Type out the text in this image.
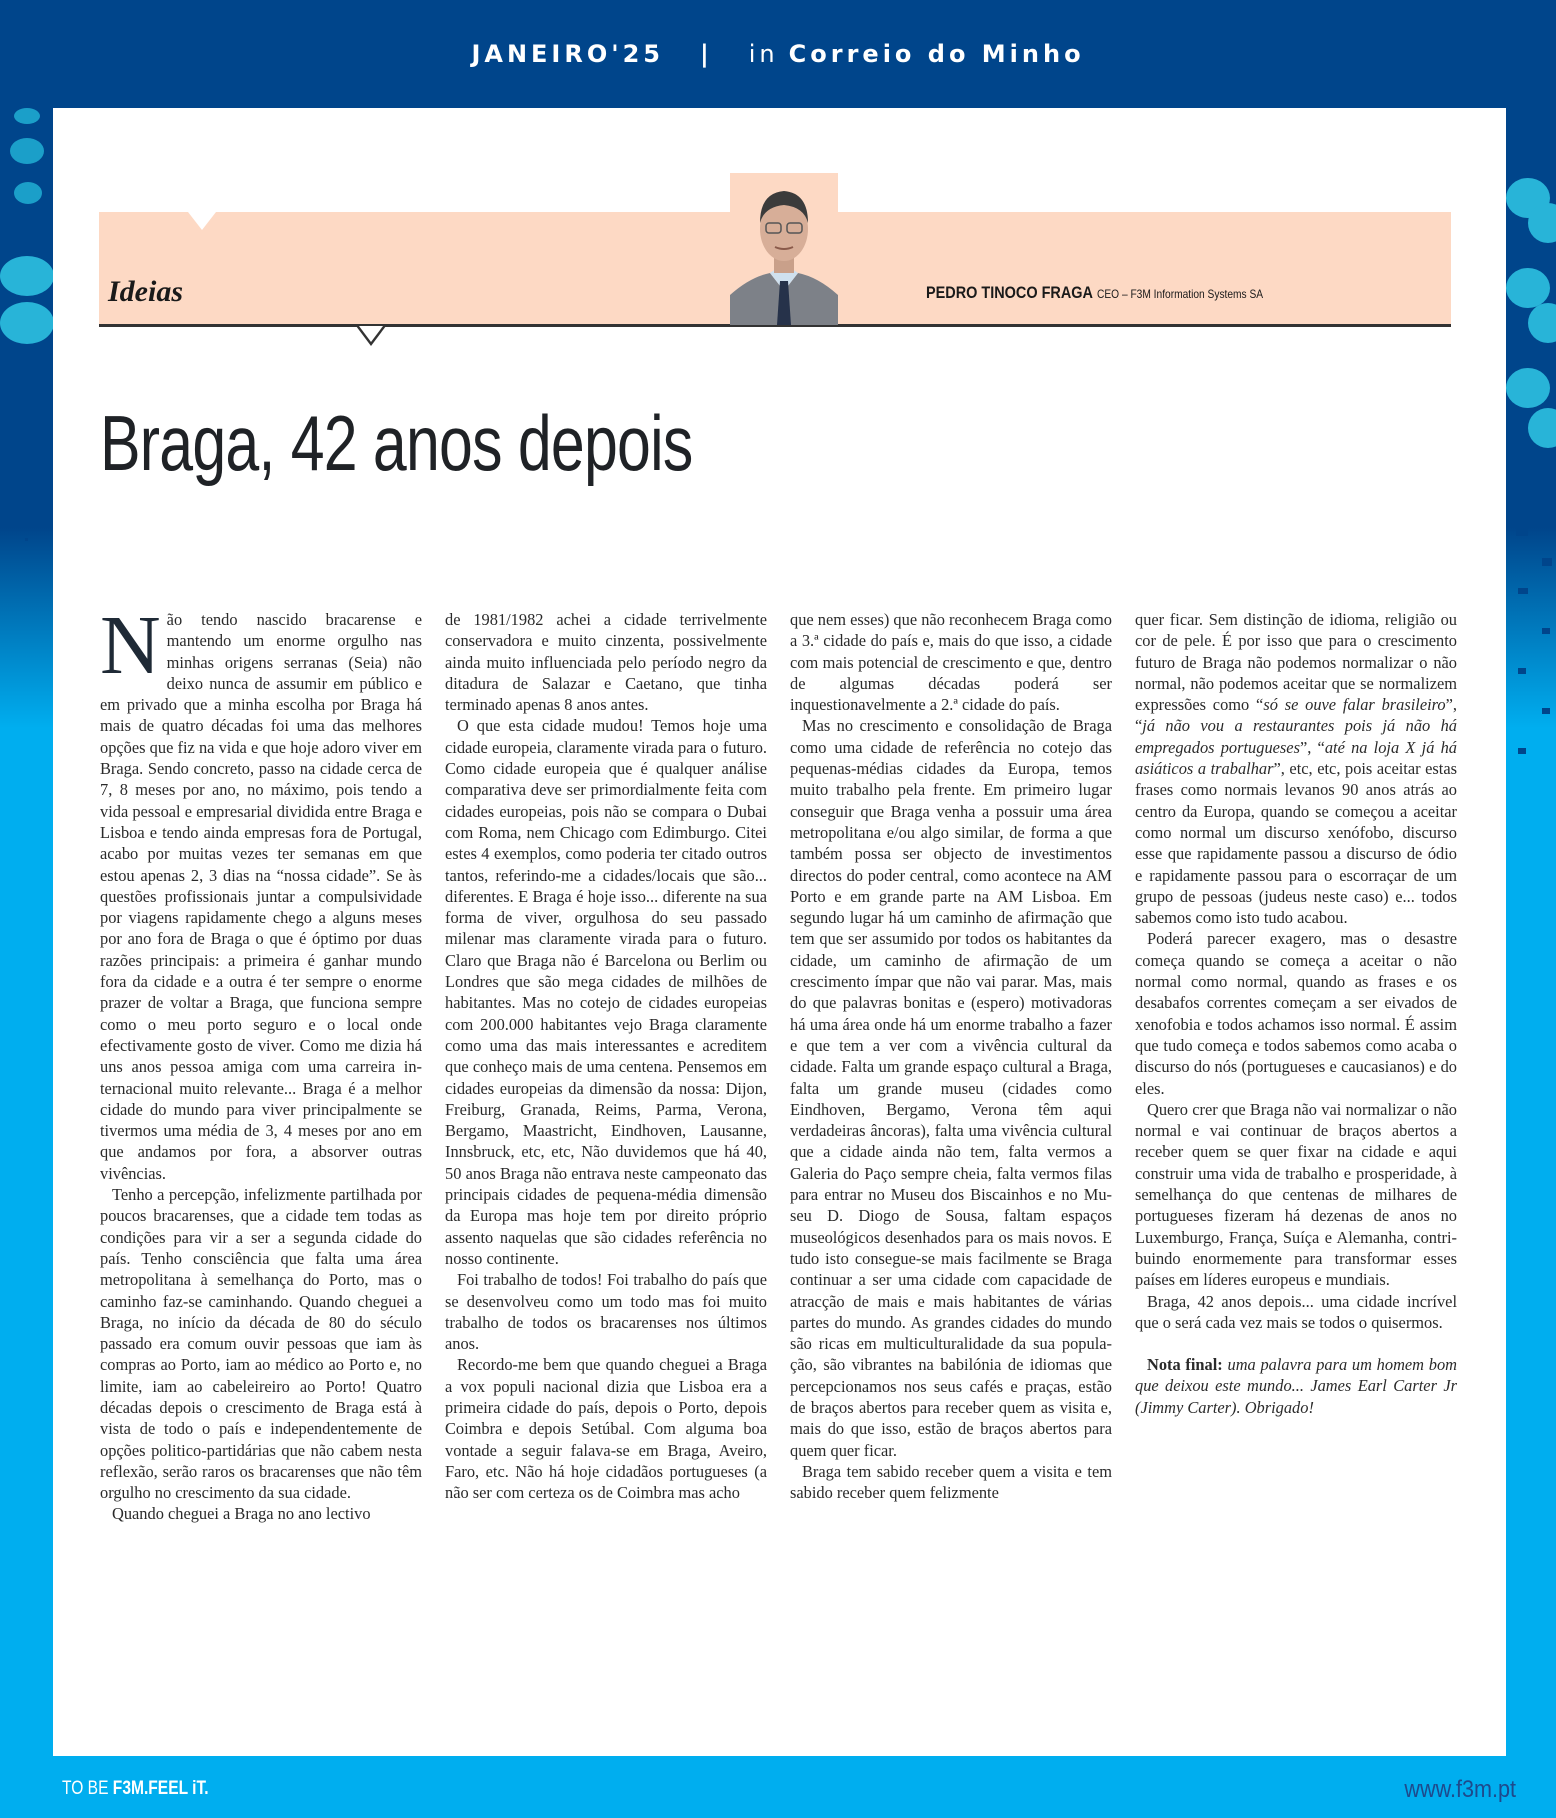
JANEIRO'25 | in Correio do Minho
Ideias	PEDRO TINOCO FRAGA CEO – F3M Information Systems SA
Braga, 42 anos depois

Não tendo nascido bracarense e mantendo um enorme orgulho nas minhas origens serranas (Seia) não deixo nunca de assumir em público e em privado que a minha escolha por Braga há mais de quatro décadas foi uma das melhores opções que fiz na vida e que hoje adoro viver em Braga. Sendo concreto, passo na cidade cerca de 7, 8 meses por ano, no máximo, pois tendo a vida pessoal e empresarial dividida entre Braga e Lisboa e tendo ainda empresas fora de Portugal, acabo por muitas vezes ter semanas em que estou apenas 2, 3 dias na “nossa cidade”. Se às questões profissionais juntar a compulsividade por viagens rapidamente chego a alguns meses por ano fora de Braga o que é óptimo por duas razões principais: a primeira é ganhar mundo fora da cidade e a outra é ter sempre o enorme prazer de voltar a Braga, que funciona sempre como o meu porto seguro e o local onde efectivamente gosto de viver. Como me dizia há uns anos pessoa amiga com uma carreira internacional muito relevante... Braga é a melhor cidade do mundo para viver principalmente se tivermos uma média de 3, 4 meses por ano em que andamos por fora, a absorver outras vivências.

Tenho a percepção, infelizmente partilhada por poucos bracarenses, que a cidade tem todas as condições para vir a ser a segunda cidade do país. Tenho consciência que falta uma área metropolitana à semelhança do Porto, mas o caminho faz-se caminhando. Quando cheguei a Braga, no início da década de 80 do século passado era comum ouvir pessoas que iam às compras ao Porto, iam ao médico ao Porto e, no limite, iam ao cabeleireiro ao Porto! Quatro décadas depois o crescimento de Braga está à vista de todo o país e independentemente de opções politico-partidárias que não cabem nesta reflexão, serão raros os bracarenses que não têm orgulho no crescimento da sua cidade.

Quando cheguei a Braga no ano lectivo

de 1981/1982 achei a cidade terrivelmente conservadora e muito cinzenta, possivelmente ainda muito influenciada pelo período negro da ditadura de Salazar e Caetano, que tinha terminado apenas 8 anos antes.

O que esta cidade mudou! Temos hoje uma cidade europeia, claramente virada para o futuro. Como cidade europeia que é qualquer análise comparativa deve ser primordialmente feita com cidades europeias, pois não se compara o Dubai com Roma, nem Chicago com Edimburgo. Citei estes 4 exemplos, como poderia ter citado outros tantos, referindo-me a cidades/locais que são... diferentes. E Braga é hoje isso... diferente na sua forma de viver, orgulhosa do seu passado milenar mas claramente virada para o futuro. Claro que Braga não é Barcelona ou Berlim ou Londres que são mega cidades de milhões de habitantes. Mas no cotejo de cidades europeias com 200.000 habitantes vejo Braga claramente como uma das mais interessantes e acreditem que conheço mais de uma centena. Pensemos em cidades europeias da dimensão da nossa: Dijon, Freiburg, Granada, Reims, Parma, Verona, Bergamo, Maastricht, Eindhoven, Lausanne, Innsbruck, etc, etc, Não duvidemos que há 40, 50 anos Braga não entrava neste campeonato das principais cidades de pequena-média dimensão da Europa mas hoje tem por direito próprio assento naquelas que são cidades referência no nosso continente.

Foi trabalho de todos! Foi trabalho do país que se desenvolveu como um todo mas foi muito trabalho de todos os bracarenses nos últimos anos.

Recordo-me bem que quando cheguei a Braga a vox populi nacional dizia que Lisboa era a primeira cidade do país, depois o Porto, depois Coimbra e depois Setúbal. Com alguma boa vontade a seguir falava-se em Braga, Aveiro, Faro, etc. Não há hoje cidadãos portugueses (a não ser com certeza os de Coimbra mas acho

que nem esses) que não reconhecem Braga como a 3.ª cidade do país e, mais do que isso, a cidade com mais potencial de crescimento e que, dentro de algumas décadas poderá ser inquestionavelmente a 2.ª cidade do país.

Mas no crescimento e consolidação de Braga como uma cidade de referência no cotejo das pequenas-médias cidades da Europa, temos muito trabalho pela frente. Em primeiro lugar conseguir que Braga venha a possuir uma área metropolitana e/ou algo similar, de forma a que também possa ser objecto de investimentos directos do poder central, como acontece na AM Porto e em grande parte na AM Lisboa. Em segundo lugar há um caminho de afirmação que tem que ser assumido por todos os habitantes da cidade, um caminho de afirmação de um crescimento ímpar que não vai parar. Mas, mais do que palavras bonitas e (espero) motivadoras há uma área onde há um enorme trabalho a fazer e que tem a ver com a vivência cultural da cidade. Falta um grande espaço cultural a Braga, falta um grande museu (cidades como Eindhoven, Bergamo, Verona têm aqui verdadeiras âncoras), falta uma vivência cultural que a cidade ainda não tem, falta vermos a Galeria do Paço sempre cheia, falta vermos filas para entrar no Museu dos Biscainhos e no Museu D. Diogo de Sousa, faltam espaços museológicos desenhados para os mais novos. E tudo isto consegue-se mais facilmente se Braga continuar a ser uma cidade com capacidade de atracção de mais e mais habitantes de várias partes do mundo. As grandes cidades do mundo são ricas em multiculturalidade da sua população, são vibrantes na babilónia de idiomas que percepcionamos nos seus cafés e praças, estão de braços abertos para receber quem as visita e, mais do que isso, estão de braços abertos para quem quer ficar.

Braga tem sabido receber quem a visita e tem sabido receber quem felizmente

quer ficar. Sem distinção de idioma, religião ou cor de pele. É por isso que para o crescimento futuro de Braga não podemos normalizar o não normal, não podemos aceitar que se normalizem expressões como “só se ouve falar brasileiro”, “já não vou a restaurantes pois já não há empregados portugueses”, “até na loja X já há asiáticos a trabalhar”, etc, etc, pois aceitar estas frases como normais levanos 90 anos atrás ao centro da Europa, quando se começou a aceitar como normal um discurso xenófobo, discurso esse que rapidamente passou a discurso de ódio e rapidamente passou para o escorraçar de um grupo de pessoas (judeus neste caso) e... todos sabemos como isto tudo acabou.

Poderá parecer exagero, mas o desastre começa quando se começa a aceitar o não normal como normal, quando as frases e os desabafos correntes começam a ser eivados de xenofobia e todos achamos isso normal. É assim que tudo começa e todos sabemos como acaba o discurso do nós (portugueses e caucasianos) e do eles.

Quero crer que Braga não vai normalizar o não normal e vai continuar de braços abertos a receber quem se quer fixar na cidade e aqui construir uma vida de trabalho e prosperidade, à semelhança do que centenas de milhares de portugueses fizeram há dezenas de anos no Luxemburgo, França, Suíça e Alemanha, contribuindo enormemente para transformar esses países em líderes europeus e mundiais.

Braga, 42 anos depois... uma cidade incrível que o será cada vez mais se todos o quisermos.

Nota final: uma palavra para um homem bom que deixou este mundo... James Earl Carter Jr (Jimmy Carter). Obrigado!

TO BE F3M.FEEL iT.	www.f3m.pt
